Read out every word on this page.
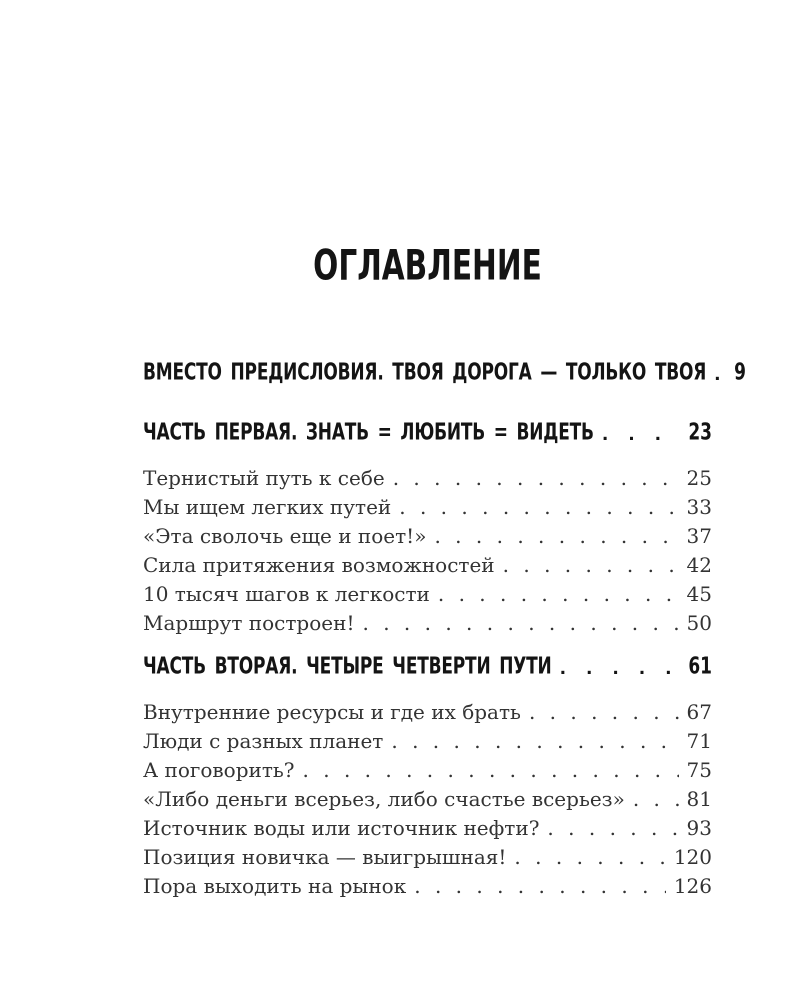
ОГЛАВЛЕНИЕ
ВМЕСТО ПРЕДИСЛОВИЯ. ТВОЯ ДОРОГА — ТОЛЬКО ТВОЯ . . .	9
ЧАСТЬ ПЕРВАЯ. ЗНАТЬ = ЛЮБИТЬ = ВИДЕТЬ . . .	23
Тернистый путь к себе . . .	25
Мы ищем легких путей . . .	33
«Эта сволочь еще и поет!» . . .	37
Сила притяжения возможностей . . .	42
10 тысяч шагов к легкости . . .	45
Маршрут построен! . . .	50
ЧАСТЬ ВТОРАЯ. ЧЕТЫРЕ ЧЕТВЕРТИ ПУТИ . . .	61
Внутренние ресурсы и где их брать . . .	67
Люди с разных планет . . .	71
А поговорить? . . .	75
«Либо деньги всерьез, либо счастье всерьез» . . .	81
Источник воды или источник нефти? . . .	93
Позиция новичка — выигрышная! . . .	120
Пора выходить на рынок . . .	126
